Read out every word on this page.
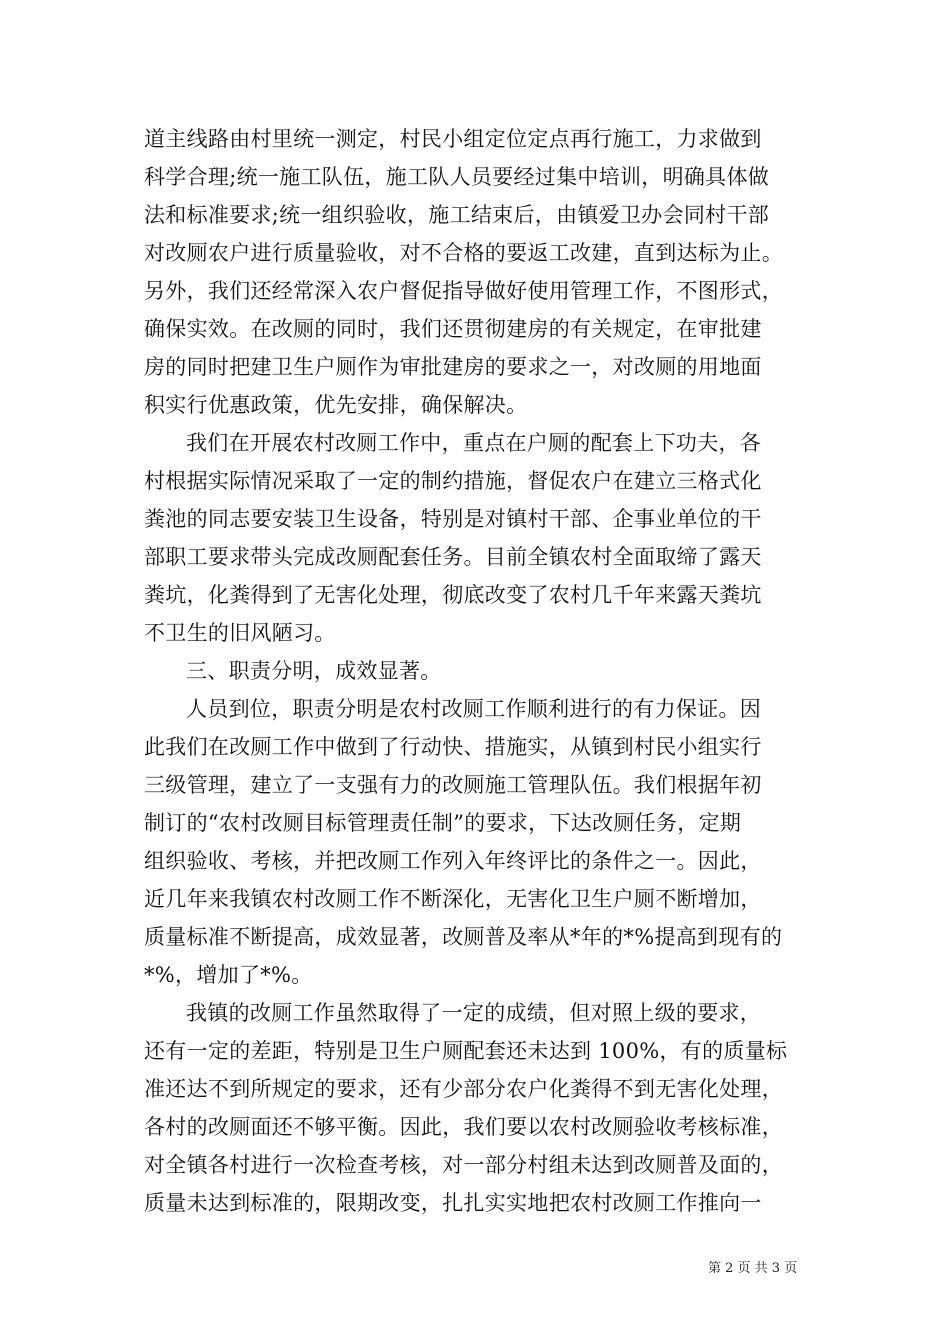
道主线路由村里统一测定，村民小组定位定点再行施工，力求做到
科学合理;统一施工队伍，施工队人员要经过集中培训，明确具体做
法和标准要求;统一组织验收，施工结束后，由镇爱卫办会同村干部
对改厕农户进行质量验收，对不合格的要返工改建，直到达标为止。
另外，我们还经常深入农户督促指导做好使用管理工作，不图形式，
确保实效。在改厕的同时，我们还贯彻建房的有关规定，在审批建
房的同时把建卫生户厕作为审批建房的要求之一，对改厕的用地面
积实行优惠政策，优先安排，确保解决。
我们在开展农村改厕工作中，重点在户厕的配套上下功夫，各
村根据实际情况采取了一定的制约措施，督促农户在建立三格式化
粪池的同志要安装卫生设备，特别是对镇村干部、企事业单位的干
部职工要求带头完成改厕配套任务。目前全镇农村全面取缔了露天
粪坑，化粪得到了无害化处理，彻底改变了农村几千年来露天粪坑
不卫生的旧风陋习。
三、职责分明，成效显著。
人员到位，职责分明是农村改厕工作顺利进行的有力保证。因
此我们在改厕工作中做到了行动快、措施实，从镇到村民小组实行
三级管理，建立了一支强有力的改厕施工管理队伍。我们根据年初
制订的“农村改厕目标管理责任制”的要求，下达改厕任务，定期
组织验收、考核，并把改厕工作列入年终评比的条件之一。因此，
近几年来我镇农村改厕工作不断深化，无害化卫生户厕不断增加，
质量标准不断提高，成效显著，改厕普及率从*年的*%提高到现有的
*%，增加了*%。
我镇的改厕工作虽然取得了一定的成绩，但对照上级的要求，
还有一定的差距，特别是卫生户厕配套还未达到 100%，有的质量标
准还达不到所规定的要求，还有少部分农户化粪得不到无害化处理，
各村的改厕面还不够平衡。因此，我们要以农村改厕验收考核标准，
对全镇各村进行一次检查考核，对一部分村组未达到改厕普及面的，
质量未达到标准的，限期改变，扎扎实实地把农村改厕工作推向一
第 2 页 共 3 页
